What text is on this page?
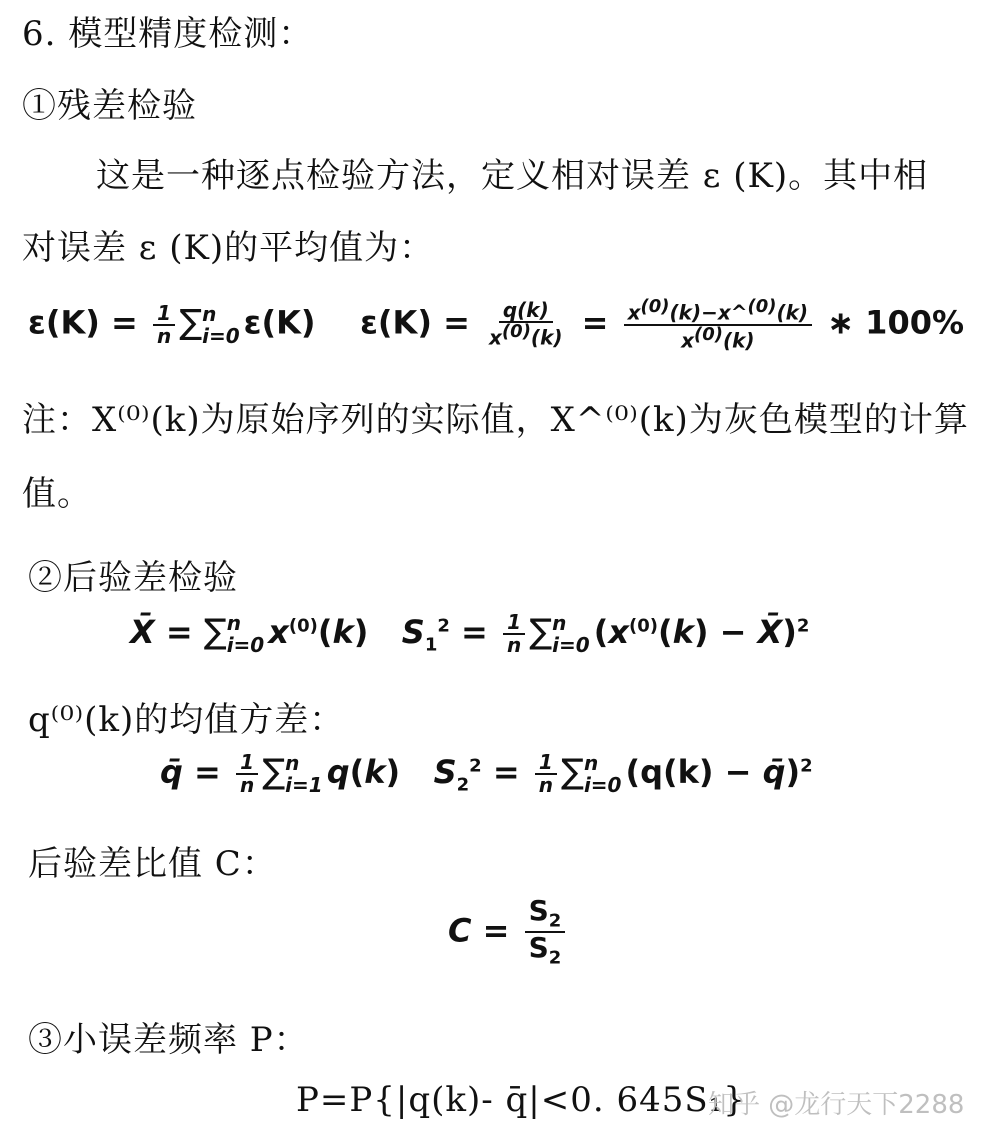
6. 模型精度检测：
①残差检验
这是一种逐点检验方法，定义相对误差 ε (K)。其中相
对误差 ε (K)的平均值为：
$\varepsilon(K) = \frac{1}{n}$ ∑ n
i=0 ε(K)    $\varepsilon(K) = \frac{q(k)}{x^{(0)}(k)} = \frac{x^{(0)}(k)-x\^{}^{(0)}(k)}{x^{(0)}(k)}$ ∗ 100%
注：X⁽⁰⁾(k)为原始序列的实际值，X^⁽⁰⁾(k)为灰色模型的计算
值。
②后验差检验
X̄ = ∑ n
i=0 $x^{(0)}(k) S_1^2 = \frac{1}{n}$ ∑ n
i=0 ($x^{(0)}(k)$ − X̄)$^2$
q⁽⁰⁾(k)的均值方差：
q̄ = $\frac{1}{n}$ ∑ n
i=1 q(k)   $S_2^2 = \frac{1}{n}$ ∑ n
i=0 (q(k) − q̄)$^2$
后验差比值 C：
$C = \frac{S_2}{S_2}$
③小误差频率 P：
P=P{|q(k)- q̄|<0. 645S₁}
知乎 @龙行天下2288
